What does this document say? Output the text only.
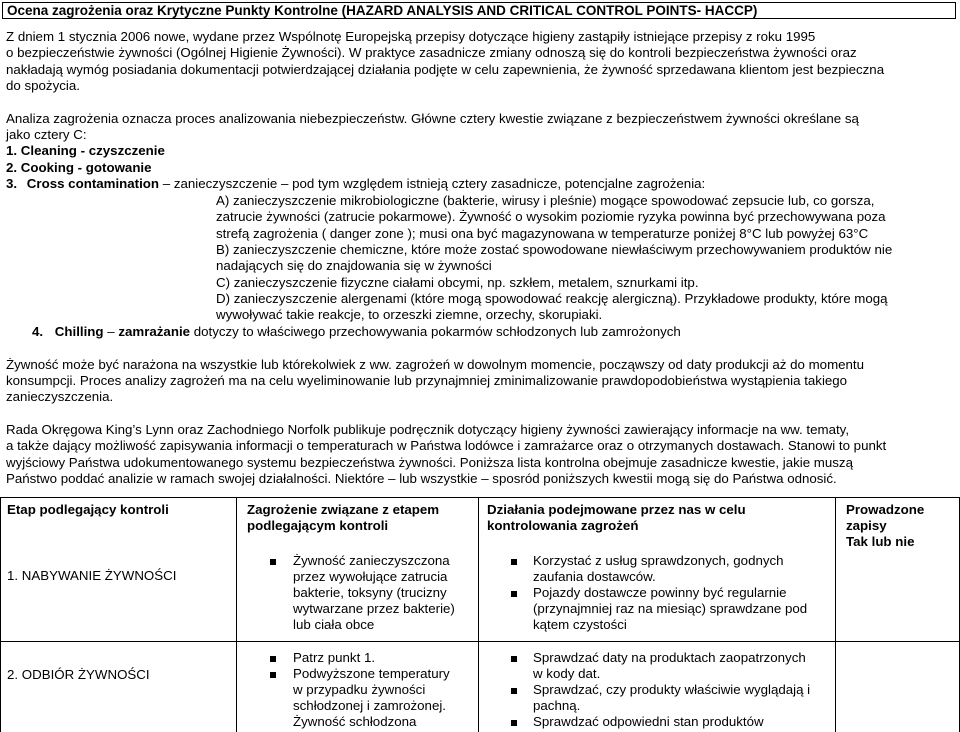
Ocena zagrożenia oraz Krytyczne Punkty Kontrolne (HAZARD ANALYSIS AND CRITICAL CONTROL POINTS- HACCP)
Z dniem 1 stycznia 2006 nowe, wydane przez Wspólnotę Europejską przepisy dotyczące higieny zastąpiły istniejące przepisy z roku 1995
o bezpieczeństwie żywności (Ogólnej Higienie Żywności). W praktyce zasadnicze zmiany odnoszą się do kontroli bezpieczeństwa żywności oraz
nakładają wymóg posiadania dokumentacji potwierdzającej działania podjęte w celu zapewnienia, że żywność sprzedawana klientom jest bezpieczna
do spożycia.
Analiza zagrożenia oznacza proces analizowania niebezpieczeństw. Główne cztery kwestie związane z bezpieczeństwem żywności określane są
jako cztery C:
1. Cleaning - czyszczenie
2. Cooking - gotowanie
3. Cross contamination – zanieczyszczenie – pod tym względem istnieją cztery zasadnicze, potencjalne zagrożenia:
A) zanieczyszczenie mikrobiologiczne (bakterie, wirusy i pleśnie) mogące spowodować zepsucie lub, co gorsza,
zatrucie żywności (zatrucie pokarmowe). Żywność o wysokim poziomie ryzyka powinna być przechowywana poza
strefą zagrożenia ( danger zone ); musi ona być magazynowana w temperaturze poniżej 8°C lub powyżej 63°C
B) zanieczyszczenie chemiczne, które może zostać spowodowane niewłaściwym przechowywaniem produktów nie
nadających się do znajdowania się w żywności
C) zanieczyszczenie fizyczne ciałami obcymi, np. szkłem, metalem, sznurkami itp.
D) zanieczyszczenie alergenami (które mogą spowodować reakcję alergiczną). Przykładowe produkty, które mogą
wywoływać takie reakcje, to orzeszki ziemne, orzechy, skorupiaki.
4. Chilling – zamrażanie dotyczy to właściwego przechowywania pokarmów schłodzonych lub zamrożonych
Żywność może być narażona na wszystkie lub którekolwiek z ww. zagrożeń w dowolnym momencie, począwszy od daty produkcji aż do momentu
konsumpcji. Proces analizy zagrożeń ma na celu wyeliminowanie lub przynajmniej zminimalizowanie prawdopodobieństwa wystąpienia takiego
zanieczyszczenia.
Rada Okręgowa King’s Lynn oraz Zachodniego Norfolk publikuje podręcznik dotyczący higieny żywności zawierający informacje na ww. tematy,
a także dający możliwość zapisywania informacji o temperaturach w Państwa lodówce i zamrażarce oraz o otrzymanych dostawach. Stanowi to punkt
wyjściowy Państwa udokumentowanego systemu bezpieczeństwa żywności. Poniższa lista kontrolna obejmuje zasadnicze kwestie, jakie muszą
Państwo poddać analizie w ramach swojej działalności. Niektóre – lub wszystkie – sposród poniższych kwestii mogą się do Państwa odnosić.
Etap podlegający kontroli	Zagrożenie związane z etapem
podlegającym kontroli
Działania podejmowane przez nas w celu
kontrolowania zagrożeń
Prowadzone
zapisy
Tak lub nie
1. NABYWANIE ŻYWNOŚCI
Żywność zanieczyszczona
przez wywołujące zatrucia
bakterie, toksyny (trucizny
wytwarzane przez bakterie)
lub ciała obce
Korzystać z usług sprawdzonych, godnych
zaufania dostawców.
Pojazdy dostawcze powinny być regularnie
(przynajmniej raz na miesiąc) sprawdzane pod
kątem czystości
2. ODBIÓR ŻYWNOŚCI
Patrz punkt 1.
Podwyższone temperatury
w przypadku żywności
schłodzonej i zamrożonej.
Żywność schłodzona
Sprawdzać daty na produktach zaopatrzonych
w kody dat.
Sprawdzać, czy produkty właściwie wyglądają i
pachną.
Sprawdzać odpowiedni stan produktów
